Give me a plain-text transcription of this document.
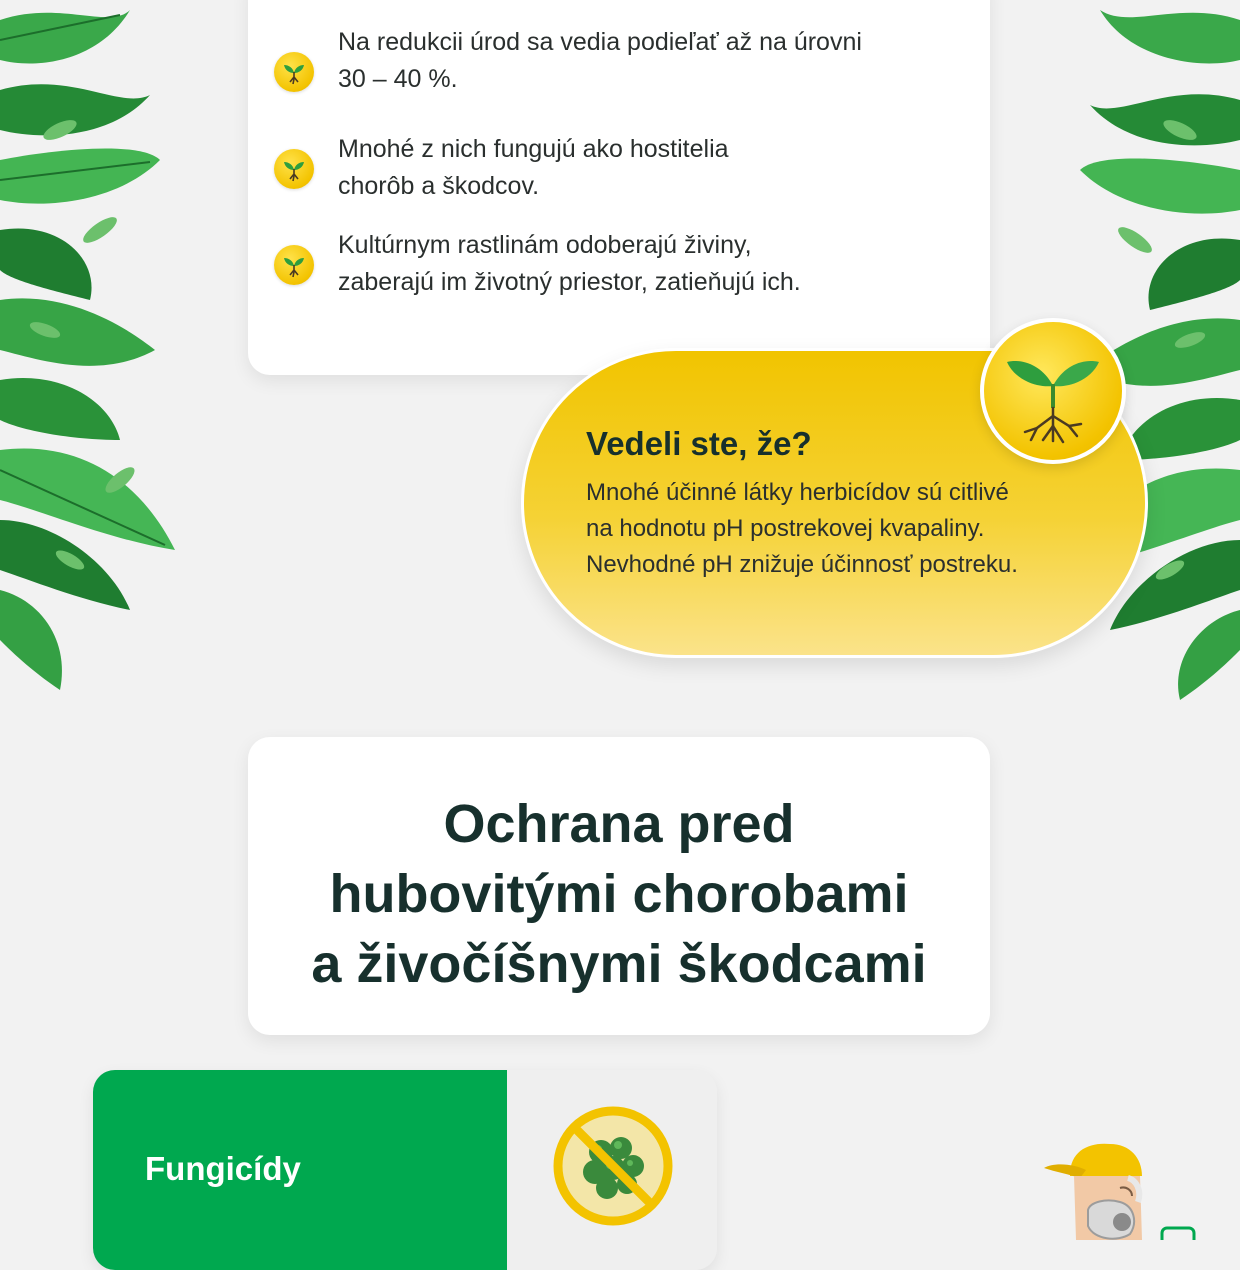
Na redukcii úrod sa vedia podieľať až na úrovni
30 – 40 %.
Mnohé z nich fungujú ako hostitelia
chorôb a škodcov.
Kultúrnym rastlinám odoberajú živiny,
zaberajú im životný priestor, zatieňujú ich.
Vedeli ste, že?
Mnohé účinné látky herbicídov sú citlivé
na hodnotu pH postrekovej kvapaliny.
Nevhodné pH znižuje účinnosť postreku.
Ochrana pred
hubovitými chorobami
a živočíšnymi škodcami
Fungicídy
